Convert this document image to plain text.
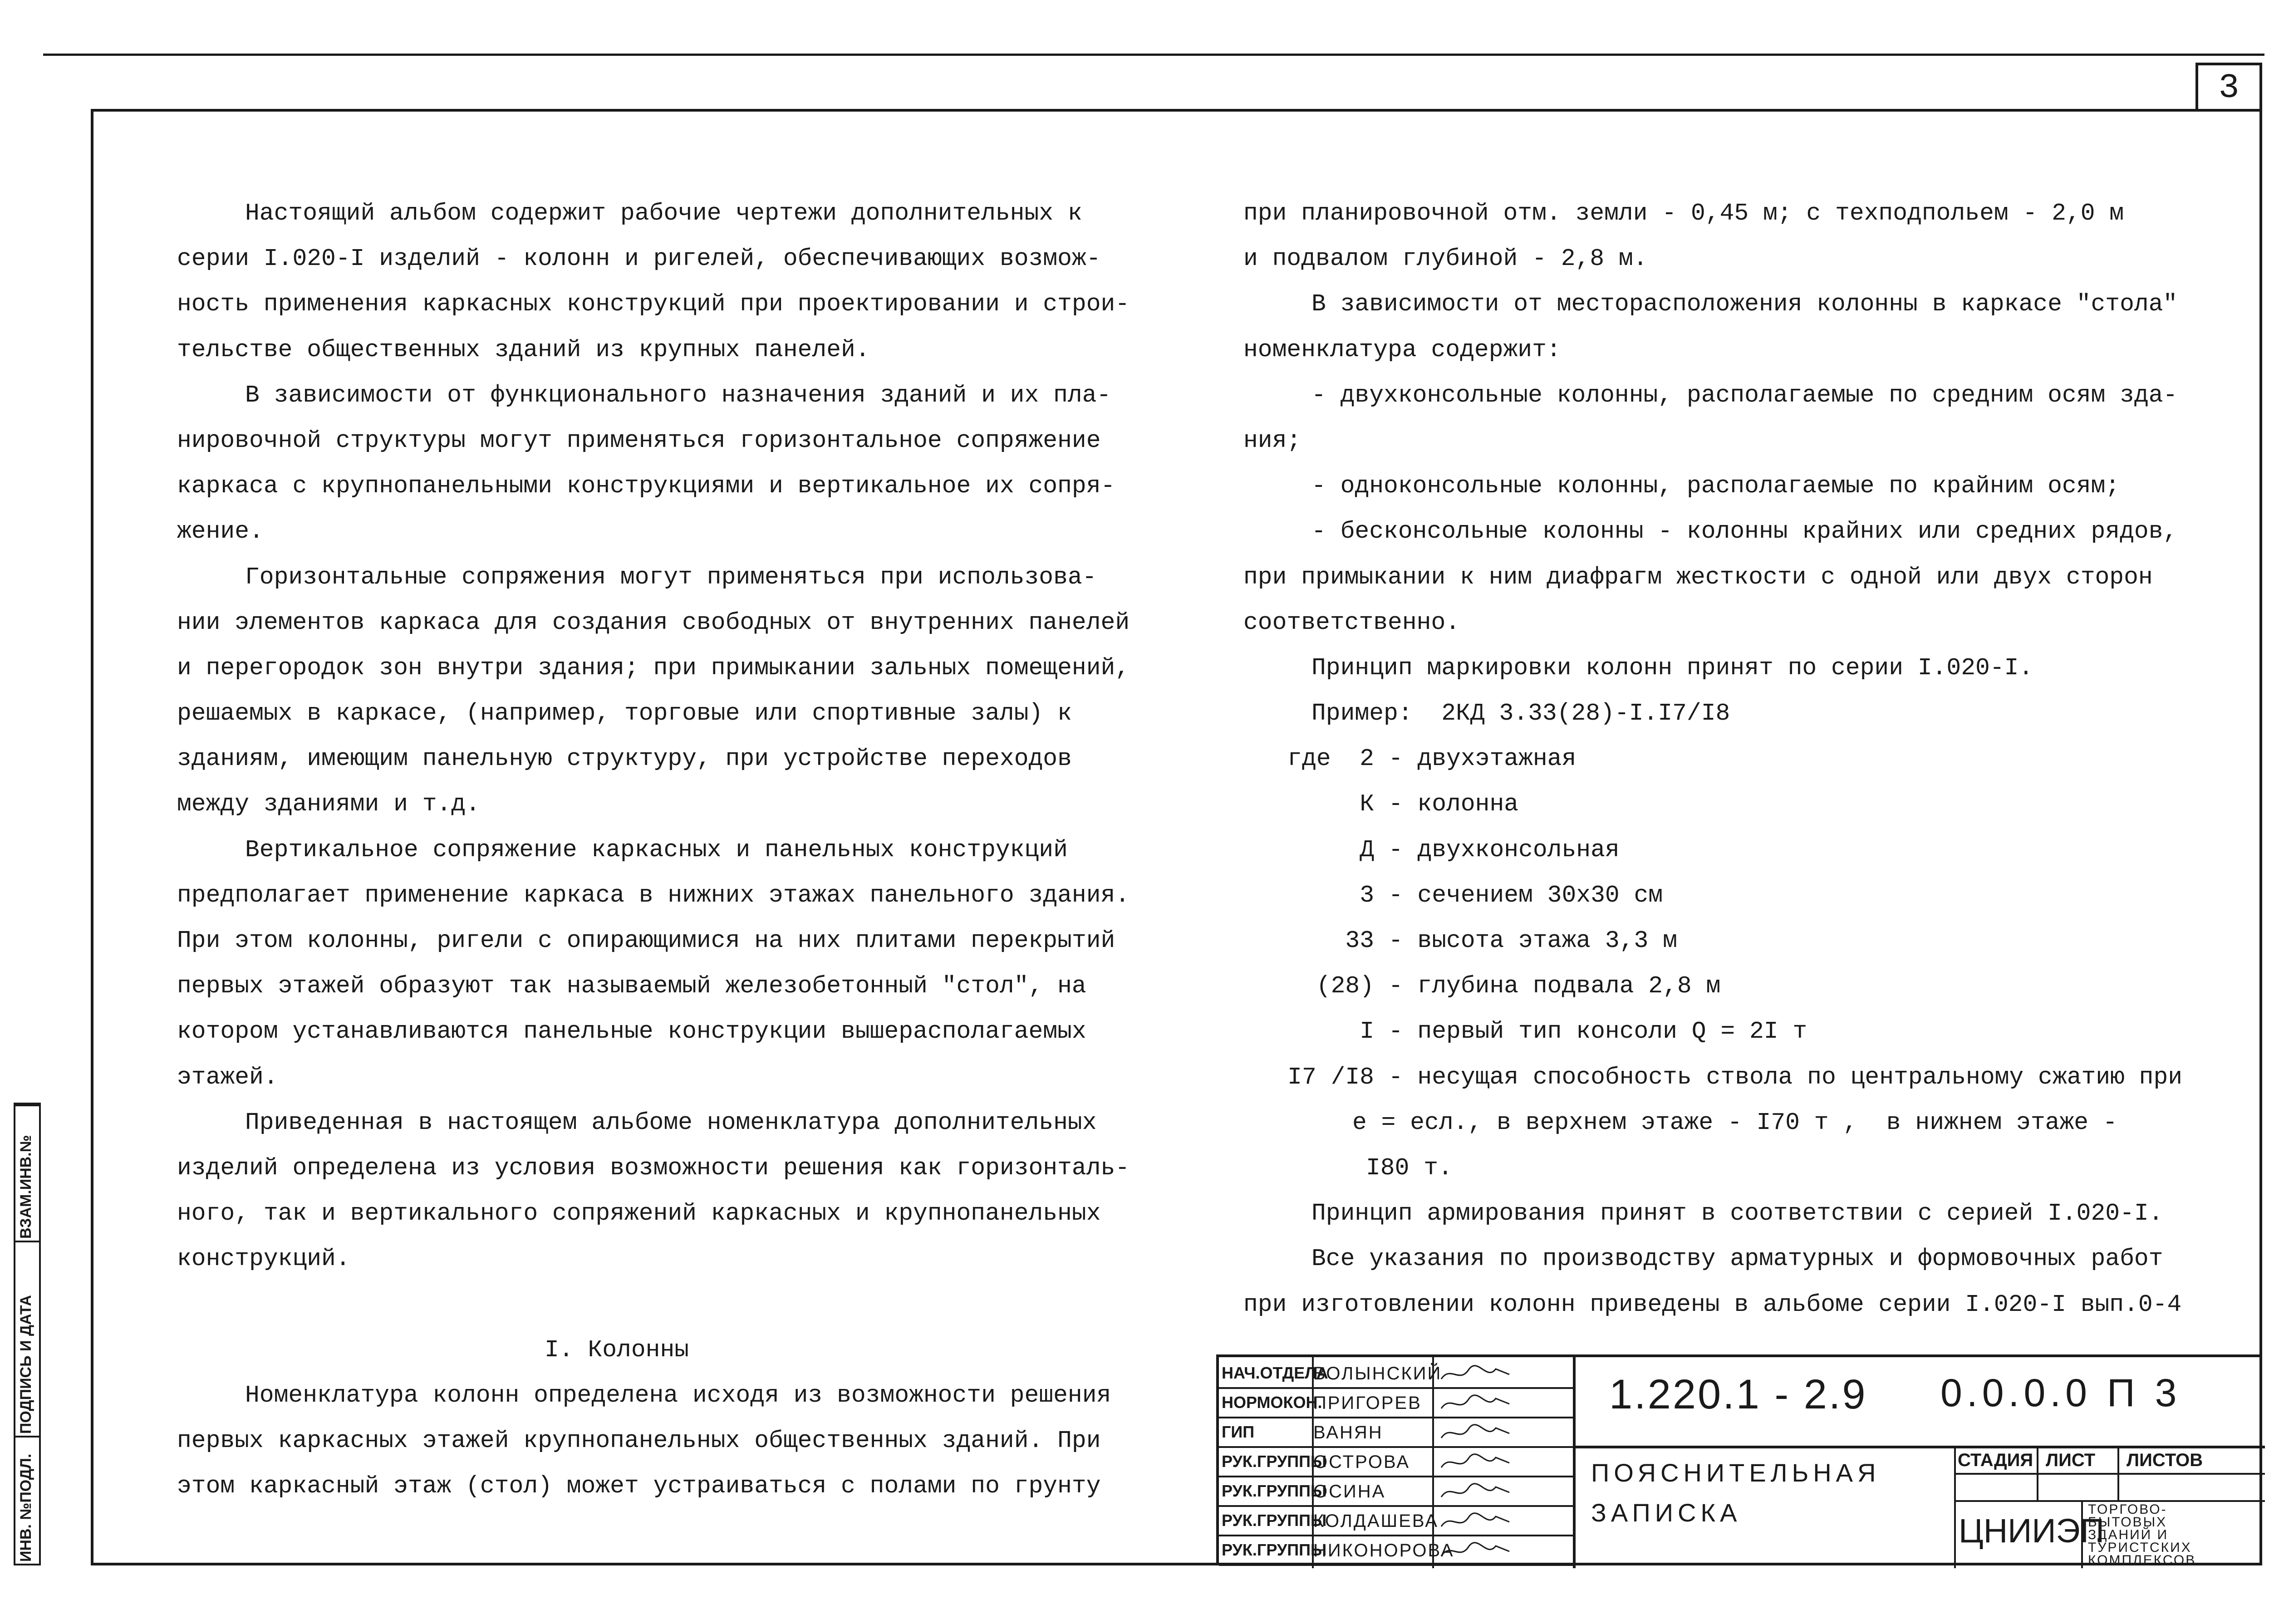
3
ВЗАМ.ИНВ.№
ПОДПИСЬ И ДАТА
ИНВ. №ПОДЛ.

Настоящий альбом содержит рабочие чертежи дополнительных к

серии I.020-I изделий - колонн и ригелей, обеспечивающих возмож-

ность применения каркасных конструкций при проектировании и строи-

тельстве общественных зданий из крупных панелей.

В зависимости от функционального назначения зданий и их пла-

нировочной структуры могут применяться горизонтальное сопряжение

каркаса с крупнопанельными конструкциями и вертикальное их сопря-

жение.

Горизонтальные сопряжения могут применяться при использова-

нии элементов каркаса для создания свободных от внутренних панелей

и перегородок зон внутри здания; при примыкании зальных помещений,

решаемых в каркасе, (например, торговые или спортивные залы) к

зданиям, имеющим панельную структуру, при устройстве переходов

между зданиями и т.д.

Вертикальное сопряжение каркасных и панельных конструкций

предполагает применение каркаса в нижних этажах панельного здания.

При этом колонны, ригели с опирающимися на них плитами перекрытий

первых этажей образуют так называемый железобетонный "стол", на

котором устанавливаются панельные конструкции вышерасполагаемых

этажей.

Приведенная в настоящем альбоме номенклатура дополнительных

изделий определена из условия возможности решения как горизонталь-

ного, так и вертикального сопряжений каркасных и крупнопанельных

конструкций.

I. Колонны

Номенклатура колонн определена исходя из возможности решения

первых каркасных этажей крупнопанельных общественных зданий. При

этом каркасный этаж (стол) может устраиваться с полами по грунту

при планировочной отм. земли - 0,45 м; с техподпольем - 2,0 м

и подвалом глубиной - 2,8 м.

В зависимости от месторасположения колонны в каркасе "стола"

номенклатура содержит:

- двухконсольные колонны, располагаемые по средним осям зда-

ния;

- одноконсольные колонны, располагаемые по крайним осям;

- бесконсольные колонны - колонны крайних или средних рядов,

при примыкании к ним диафрагм жесткости с одной или двух сторон

соответственно.

Принцип маркировки колонн принят по серии I.020-I.

Пример:  2КД 3.33(28)-I.I7/I8

где  2 - двухэтажная

К - колонна

Д - двухконсольная

3 - сечением 30х30 см

33 - высота этажа 3,3 м

(28) - глубина подвала 2,8 м

I - первый тип консоли Q = 2I т

I7 /I8 - несущая способность ствола по центральному сжатию при

e = eсл., в верхнем этаже - I70 т ,  в нижнем этаже -

I80 т.

Принцип армирования принят в соответствии с серией I.020-I.

Все указания по производству арматурных и формовочных работ

при изготовлении колонн приведены в альбоме серии I.020-I вып.0-4

1.220.1 - 2.9 0.0.0.0 П 3
ПОЯСНИТЕЛЬНАЯ
ЗАПИСКА
СТАДИЯ ЛИСТ ЛИСТОВ
ЦНИИЭП
ТОРГОВО-
БЫТОВЫХ
ЗДАНИЙ И
ТУРИСТСКИХ
КОМПЛЕКСОВ
НАЧ.ОТДЕЛА
ВОЛЫНСКИЙ
НОРМОКОН.
ПРИГОРЕВ
ГИП	ВАНЯН
РУК.ГРУППЫ
ОСТРОВА
РУК.ГРУППЫ
ОСИНА
РУК.ГРУППЫ
КОЛДАШЕВА
РУК.ГРУППЫ
НИКОНОРОВА
